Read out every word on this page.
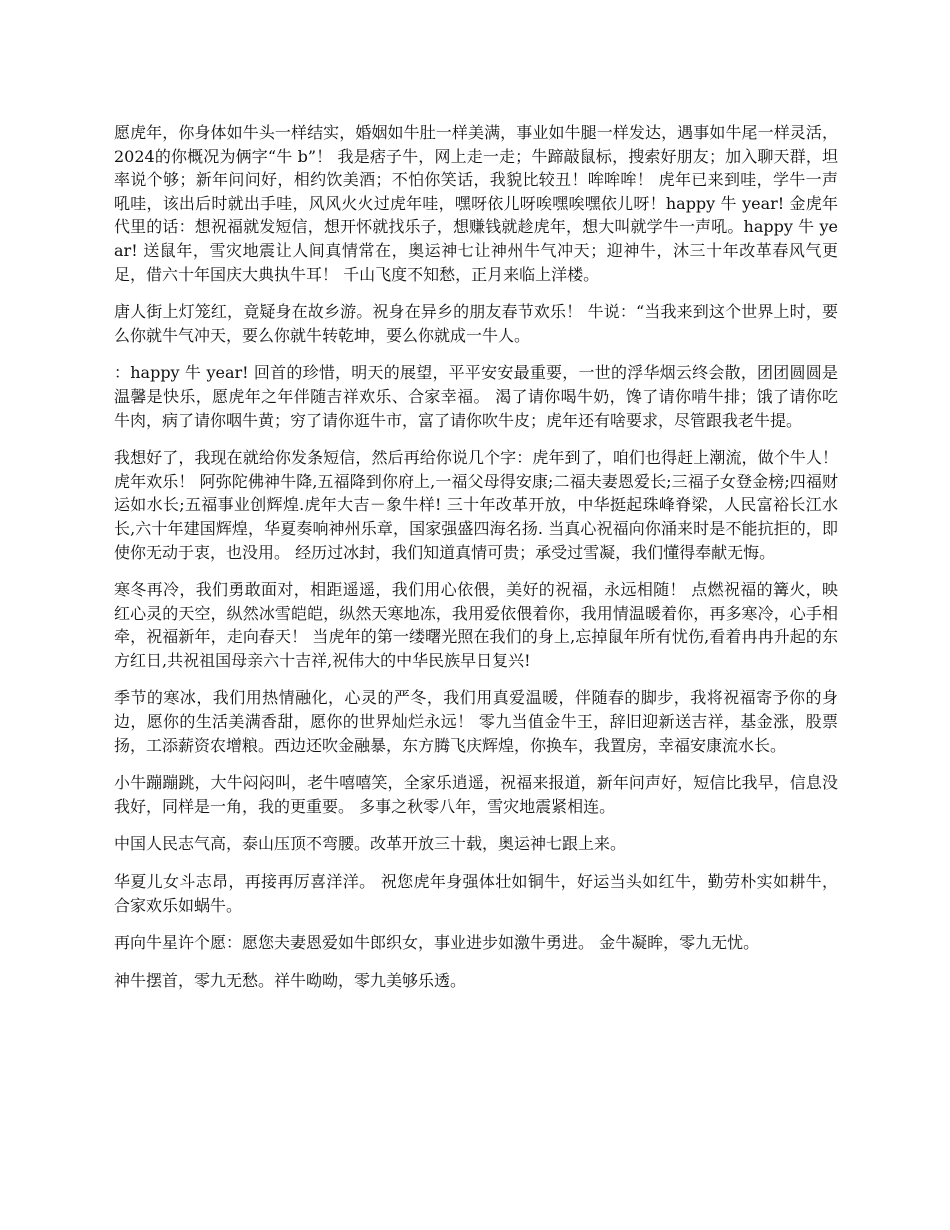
愿虎年，你身体如牛头一样结实，婚姻如牛肚一样美满，事业如牛腿一样发达，遇事如牛尾一样灵活，2024的你概况为俩字“牛 b”！ 我是痞子牛，网上走一走；牛蹄敲鼠标，搜索好朋友；加入聊天群，坦率说个够；新年问问好，相约饮美酒；不怕你笑话，我貌比较丑！哞哞哞！ 虎年已来到哇，学牛一声吼哇，该出后时就出手哇，风风火火过虎年哇，嘿呀依儿呀唉嘿唉嘿依儿呀！happy 牛 year! 金虎年代里的话：想祝福就发短信，想开怀就找乐子，想赚钱就趁虎年，想大叫就学牛一声吼。happy 牛 year! 送鼠年，雪灾地震让人间真情常在，奥运神七让神州牛气冲天；迎神牛，沐三十年改革春风气更足，借六十年国庆大典执牛耳！ 千山飞度不知愁，正月来临上洋楼。

唐人街上灯笼红，竟疑身在故乡游。祝身在异乡的朋友春节欢乐！ 牛说：“当我来到这个世界上时，要么你就牛气冲天，要么你就牛转乾坤，要么你就成一牛人。

：happy 牛 year! 回首的珍惜，明天的展望，平平安安最重要，一世的浮华烟云终会散，团团圆圆是温馨是快乐，愿虎年之年伴随吉祥欢乐、合家幸福。 渴了请你喝牛奶，馋了请你啃牛排；饿了请你吃牛肉，病了请你咽牛黄；穷了请你逛牛市，富了请你吹牛皮；虎年还有啥要求，尽管跟我老牛提。

我想好了，我现在就给你发条短信，然后再给你说几个字：虎年到了，咱们也得赶上潮流，做个牛人！虎年欢乐！ 阿弥陀佛神牛降,五福降到你府上,一福父母得安康;二福夫妻恩爱长;三福子女登金榜;四福财运如水长;五福事业创辉煌.虎年大吉－象牛样! 三十年改革开放，中华挺起珠峰脊梁，人民富裕长江水长,六十年建国辉煌，华夏奏响神州乐章，国家强盛四海名扬. 当真心祝福向你涌来时是不能抗拒的，即使你无动于衷，也没用。 经历过冰封，我们知道真情可贵；承受过雪凝，我们懂得奉献无悔。

寒冬再冷，我们勇敢面对，相距遥遥，我们用心依偎，美好的祝福，永远相随！ 点燃祝福的篝火，映红心灵的天空，纵然冰雪皑皑，纵然天寒地冻，我用爱依偎着你，我用情温暖着你，再多寒冷，心手相牵，祝福新年，走向春天！ 当虎年的第一缕曙光照在我们的身上,忘掉鼠年所有忧伤,看着冉冉升起的东方红日,共祝祖国母亲六十吉祥,祝伟大的中华民族早日复兴!

季节的寒冰，我们用热情融化，心灵的严冬，我们用真爱温暖，伴随春的脚步，我将祝福寄予你的身边，愿你的生活美满香甜，愿你的世界灿烂永远！ 零九当值金牛王，辞旧迎新送吉祥，基金涨，股票扬，工添薪资农增粮。西边还吹金融暴，东方腾飞庆辉煌，你换车，我置房，幸福安康流水长。

小牛蹦蹦跳，大牛闷闷叫，老牛嘻嘻笑，全家乐逍遥，祝福来报道，新年问声好，短信比我早，信息没我好，同样是一角，我的更重要。 多事之秋零八年，雪灾地震紧相连。

中国人民志气高，泰山压顶不弯腰。改革开放三十载，奥运神七跟上来。

华夏儿女斗志昂，再接再厉喜洋洋。 祝您虎年身强体壮如铜牛，好运当头如红牛，勤劳朴实如耕牛，合家欢乐如蜗牛。

再向牛星许个愿：愿您夫妻恩爱如牛郎织女，事业进步如激牛勇进。 金牛凝眸，零九无忧。

神牛摆首，零九无愁。祥牛呦呦，零九美够乐透。
